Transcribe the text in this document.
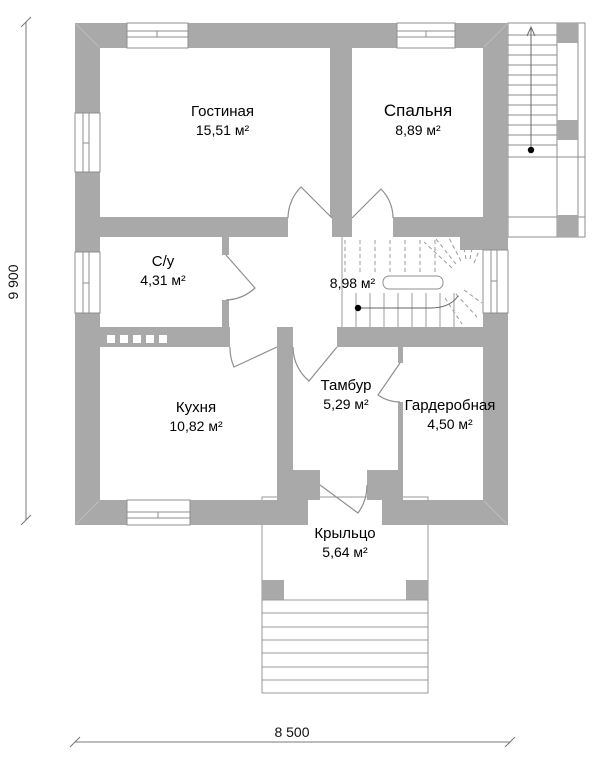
Гостиная
15,51 м²
Спальня
8,89 м²
С/у
4,31 м²	8,98 м²
Кухня
10,82 м²
Тамбур
5,29 м²	Гардеробная
4,50 м²
Крыльцо
5,64 м²
9 900
8 500
